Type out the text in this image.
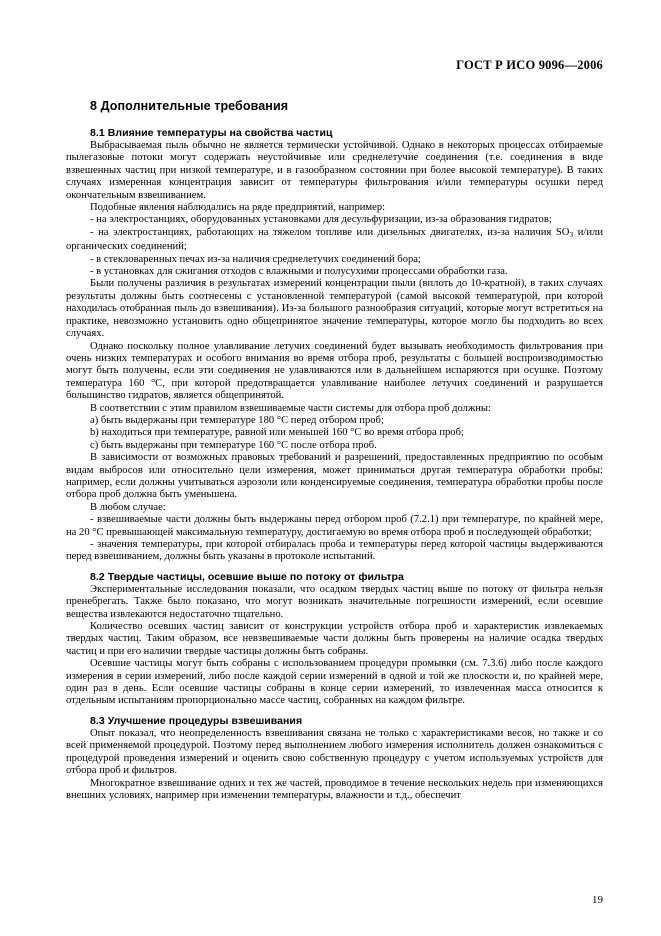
ГОСТ Р ИСО 9096—2006
8 Дополнительные требования
8.1 Влияние температуры на свойства частиц

Выбрасываемая пыль обычно не является термически устойчивой. Однако в некоторых процессах отбираемые пылегазовые потоки могут содержать неустойчивые или среднелетучие соединения (т.е. соединения в виде взвешенных частиц при низкой температуре, и в газообразном состоянии при более высокой температуре). В таких случаях измеренная концентрация зависит от температуры фильтрования и/или температуры осушки перед окончательным взвешиванием.

Подобные явления наблюдались на ряде предприятий, например:

- на электростанциях, оборудованных установками для десульфуризации, из-за образования гидратов;

- на электростанциях, работающих на тяжелом топливе или дизельных двигателях, из-за наличия $SO_3$ и/или органических соединений;

- в стекловаренных печах из-за наличия среднелетучих соединений бора;

- в установках для сжигания отходов с влажными и полусухими процессами обработки газа.

Были получены различия в результатах измерений концентрации пыли (вплоть до 10-кратной), в таких случаях результаты должны быть соотнесены с установленной температурой (самой высокой температурой, при которой находилась отобранная пыль до взвешивания). Из-за большого разнообразия ситуаций, которые могут встретиться на практике, невозможно установить одно общепринятое значение температуры, которое могло бы подходить во всех случаях.

Однако поскольку полное улавливание летучих соединений будет вызывать необходимость фильтрования при очень низких температурах и особого внимания во время отбора проб, результаты с большей воспроизводимостью могут быть получены, если эти соединения не улавливаются или в дальнейшем испаряются при осушке. Поэтому температура 160 °С, при которой предотвращается улавливание наиболее летучих соединений и разрушается большинство гидратов, является общепринятой.

В соответствии с этим правилом взвешиваемые части системы для отбора проб должны:

a) быть выдержаны при температуре 180 °С перед отбором проб;

b) находиться при температуре, равной или меньшей 160 °С во время отбора проб;

c) быть выдержаны при температуре 160 °С после отбора проб.

В зависимости от возможных правовых требований и разрешений, предоставленных предприятию по особым видам выбросов или относительно цели измерения, может приниматься другая температура обработки пробы: например, если должны учитываться аэрозоли или конденсируемые соединения, температура обработки пробы после отбора проб должна быть уменьшена.

В любом случае:

- взвешиваемые части должны быть выдержаны перед отбором проб (7.2.1) при температуре, по крайней мере, на 20 °С превышающей максимальную температуру, достигаемую во время отбора проб и последующей обработки;

- значения температуры, при которой отбиралась проба и температуры перед которой частицы выдерживаются перед взвешиванием, должны быть указаны в протоколе испытаний.

8.2 Твердые частицы, осевшие выше по потоку от фильтра

Экспериментальные исследования показали, что осадком твердых частиц выше по потоку от фильтра нельзя пренебрегать. Также было показано, что могут возникать значительные погрешности измерений, если осевшие вещества извлекаются недостаточно тщательно.

Количество осевших частиц зависит от конструкции устройств отбора проб и характеристик извлекаемых твердых частиц. Таким образом, все невзвешиваемые части должны быть проверены на наличие осадка твердых частиц и при его наличии твердые частицы должны быть собраны.

Осевшие частицы могут быть собраны с использованием процедури промывки (см. 7.3.6) либо после каждого измерения в серии измерений, либо после каждой серии измерений в одной и той же плоскости и, по крайней мере, один раз в день. Если осевшие частицы собраны в конце серии измерений, то извлеченная масса относится к отдельным испытаниям пропорционально массе частиц, собранных на каждом фильтре.

8.3 Улучшение процедуры взвешивания

Опыт показал, что неопределенность взвешивания связана не только с характеристиками весов, но также и со всей применяемой процедурой. Поэтому перед выполнением любого измерения исполнитель должен ознакомиться с процедурой проведения измерений и оценить свою собственную процедуру с учетом используемых устройств для отбора проб и фильтров.

Многократное взвешивание одних и тех же частей, проводимое в течение нескольких недель при изменяющихся внешних условиях, например при изменении температуры, влажности и т.д., обеспечит

19
